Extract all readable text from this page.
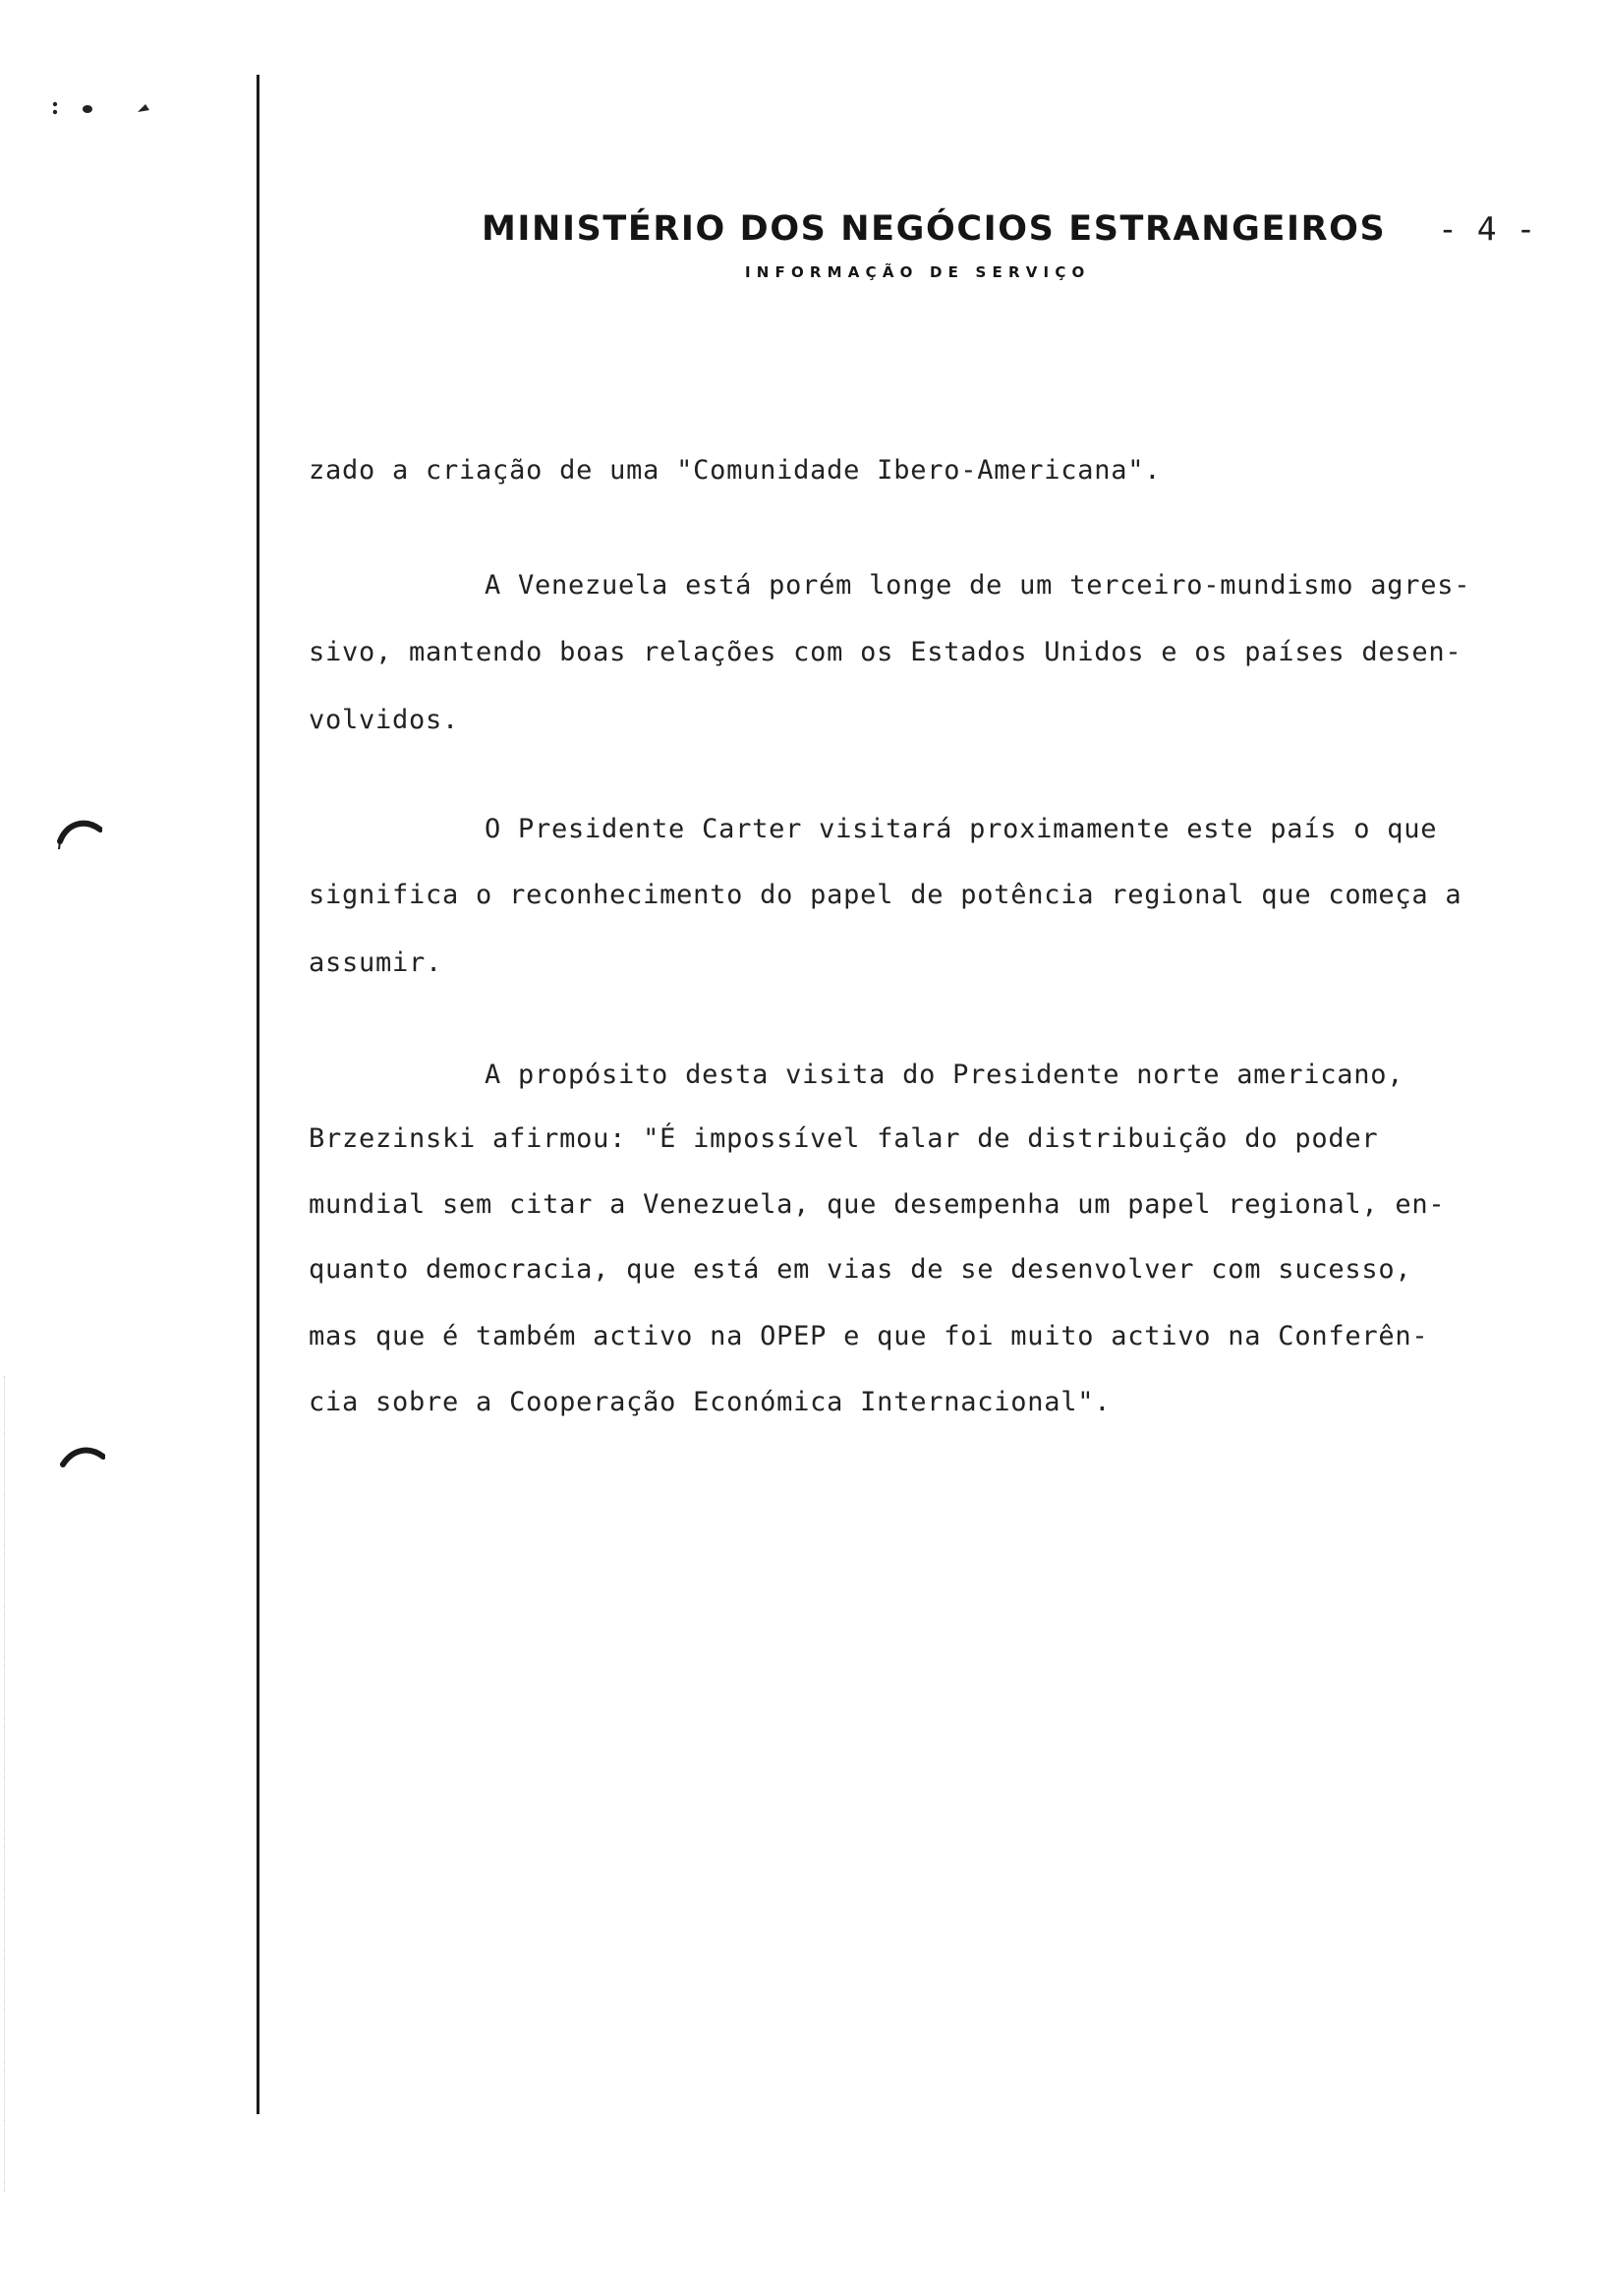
MINISTÉRIO DOS NEGÓCIOS ESTRANGEIROS - 4 -
INFORMAÇÃO DE SERVIÇO
zado a criação de uma "Comunidade Ibero-Americana".
A Venezuela está porém longe de um terceiro-mundismo agres-
sivo, mantendo boas relações com os Estados Unidos e os países desen-
volvidos.
O Presidente Carter visitará proximamente este país o que
significa o reconhecimento do papel de potência regional que começa a
assumir.
A propósito desta visita do Presidente norte americano,
Brzezinski afirmou: "É impossível falar de distribuição do poder
mundial sem citar a Venezuela, que desempenha um papel regional, en-
quanto democracia, que está em vias de se desenvolver com sucesso,
mas que é também activo na OPEP e que foi muito activo na Conferên-
cia sobre a Cooperação Económica Internacional".
